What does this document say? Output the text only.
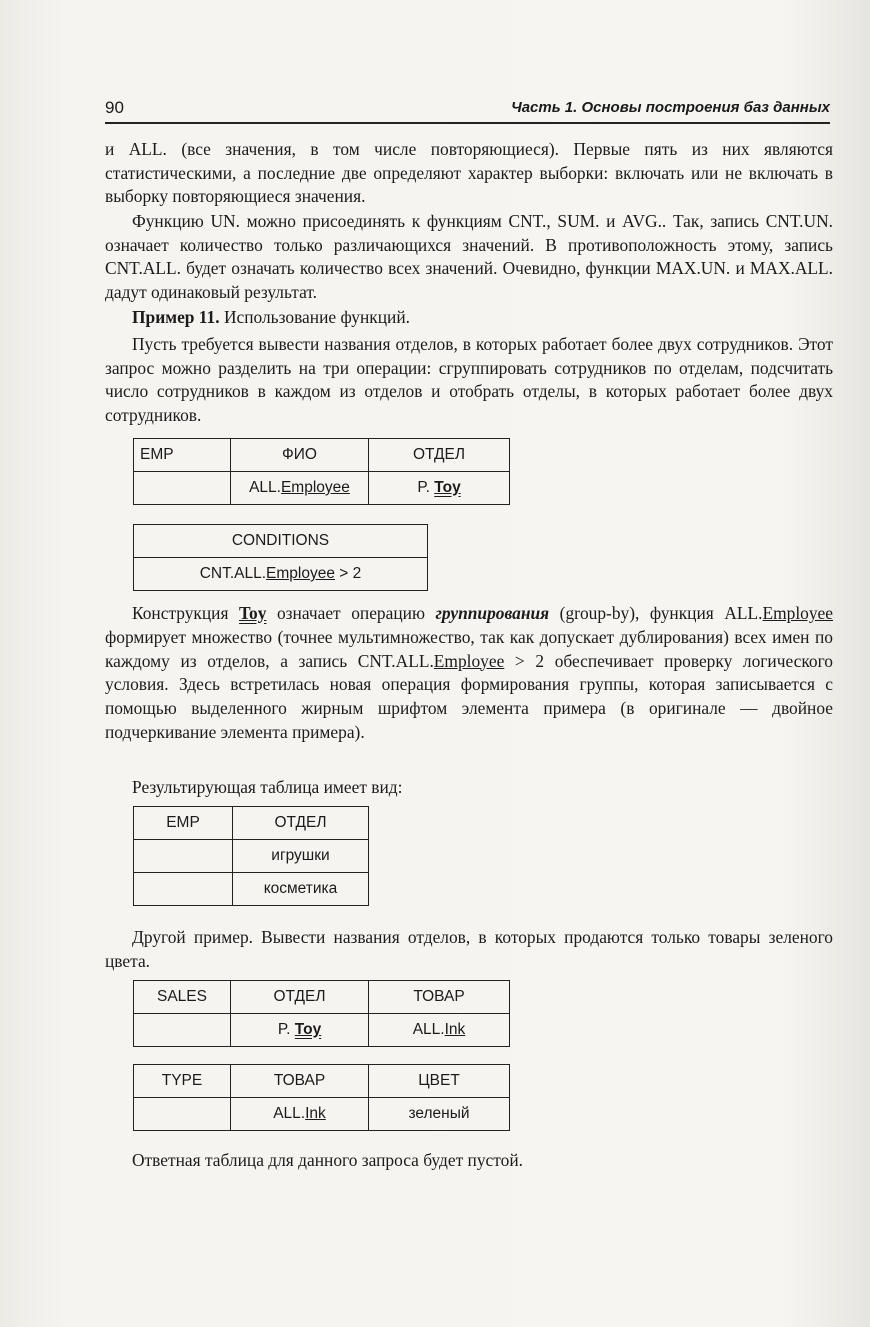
90	Часть 1. Основы построения баз данных

и ALL. (все значения, в том числе повторяющиеся). Первые пять из них являются статистическими, а последние две определяют характер выборки: включать или не включать в выборку повторяющиеся значения.

Функцию UN. можно присоединять к функциям CNT., SUM. и AVG.. Так, запись CNT.UN. означает количество только различающихся значений. В противоположность этому, запись CNT.ALL. будет означать количество всех значений. Очевидно, функции MAX.UN. и MAX.ALL. дадут одинаковый результат.

Пример 11. Использование функций.

Пусть требуется вывести названия отделов, в которых работает более двух сотрудников. Этот запрос можно разделить на три операции: сгруппировать сотрудников по отделам, подсчитать число сотрудников в каждом из отделов и отобрать отделы, в которых работает более двух сотрудников.

EMP	ФИО	ОТДЕЛ
	ALL.Employee	P. Toy
CONDITIONS
CNT.ALL.Employee > 2

Конструкция Toy означает операцию группирования (group-by), функция ALL.Employee формирует множество (точнее мультимножество, так как допускает дублирования) всех имен по каждому из отделов, а запись CNT.ALL.Employee > 2 обеспечивает проверку логического условия. Здесь встретилась новая операция формирования группы, которая записывается с помощью выделенного жирным шрифтом элемента примера (в оригинале — двойное подчеркивание элемента примера).

Результирующая таблица имеет вид:

EMP	ОТДЕЛ
	игрушки
	косметика

Другой пример. Вывести названия отделов, в которых продаются только товары зеленого цвета.

SALES	ОТДЕЛ	ТОВАР
	P. Toy	ALL.Ink
TYPE	ТОВАР	ЦВЕТ
	ALL.Ink	зеленый

Ответная таблица для данного запроса будет пустой.
